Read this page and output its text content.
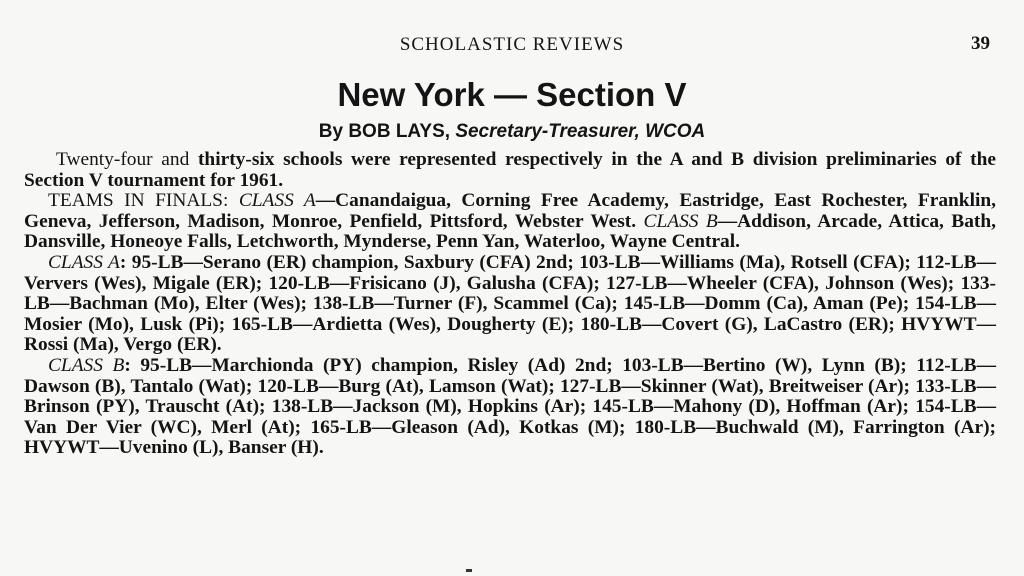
SCHOLASTIC REVIEWS	39
New York — Section V
By BOB LAYS, Secretary-Treasurer, WCOA

Twenty-four and thirty-six schools were represented respectively in the A and B division preliminaries of the Section V tournament for 1961.

TEAMS IN FINALS: CLASS A—Canandaigua, Corning Free Academy, Eastridge, East Rochester, Franklin, Geneva, Jefferson, Madison, Monroe, Penfield, Pittsford, Webster West. CLASS B—Addison, Arcade, Attica, Bath, Dansville, Honeoye Falls, Letchworth, Mynderse, Penn Yan, Waterloo, Wayne Central.

CLASS A: 95-LB—Serano (ER) champion, Saxbury (CFA) 2nd; 103-LB—Williams (Ma), Rotsell (CFA); 112-LB—Ververs (Wes), Migale (ER); 120-LB—Frisicano (J), Galusha (CFA); 127-LB—Wheeler (CFA), Johnson (Wes); 133-LB—Bachman (Mo), Elter (Wes); 138-LB—Turner (F), Scammel (Ca); 145-LB—Domm (Ca), Aman (Pe); 154-LB—Mosier (Mo), Lusk (Pi); 165-LB—Ardietta (Wes), Dougherty (E); 180-LB—Covert (G), LaCastro (ER); HVYWT—Rossi (Ma), Vergo (ER).

CLASS B: 95-LB—Marchionda (PY) champion, Risley (Ad) 2nd; 103-LB—Bertino (W), Lynn (B); 112-LB—Dawson (B), Tantalo (Wat); 120-LB—Burg (At), Lamson (Wat); 127-LB—Skinner (Wat), Breitweiser (Ar); 133-LB—Brinson (PY), Trauscht (At); 138-LB—Jackson (M), Hopkins (Ar); 145-LB—Mahony (D), Hoffman (Ar); 154-LB—Van Der Vier (WC), Merl (At); 165-LB—Gleason (Ad), Kotkas (M); 180-LB—Buchwald (M), Farrington (Ar); HVYWT—Uvenino (L), Banser (H).
